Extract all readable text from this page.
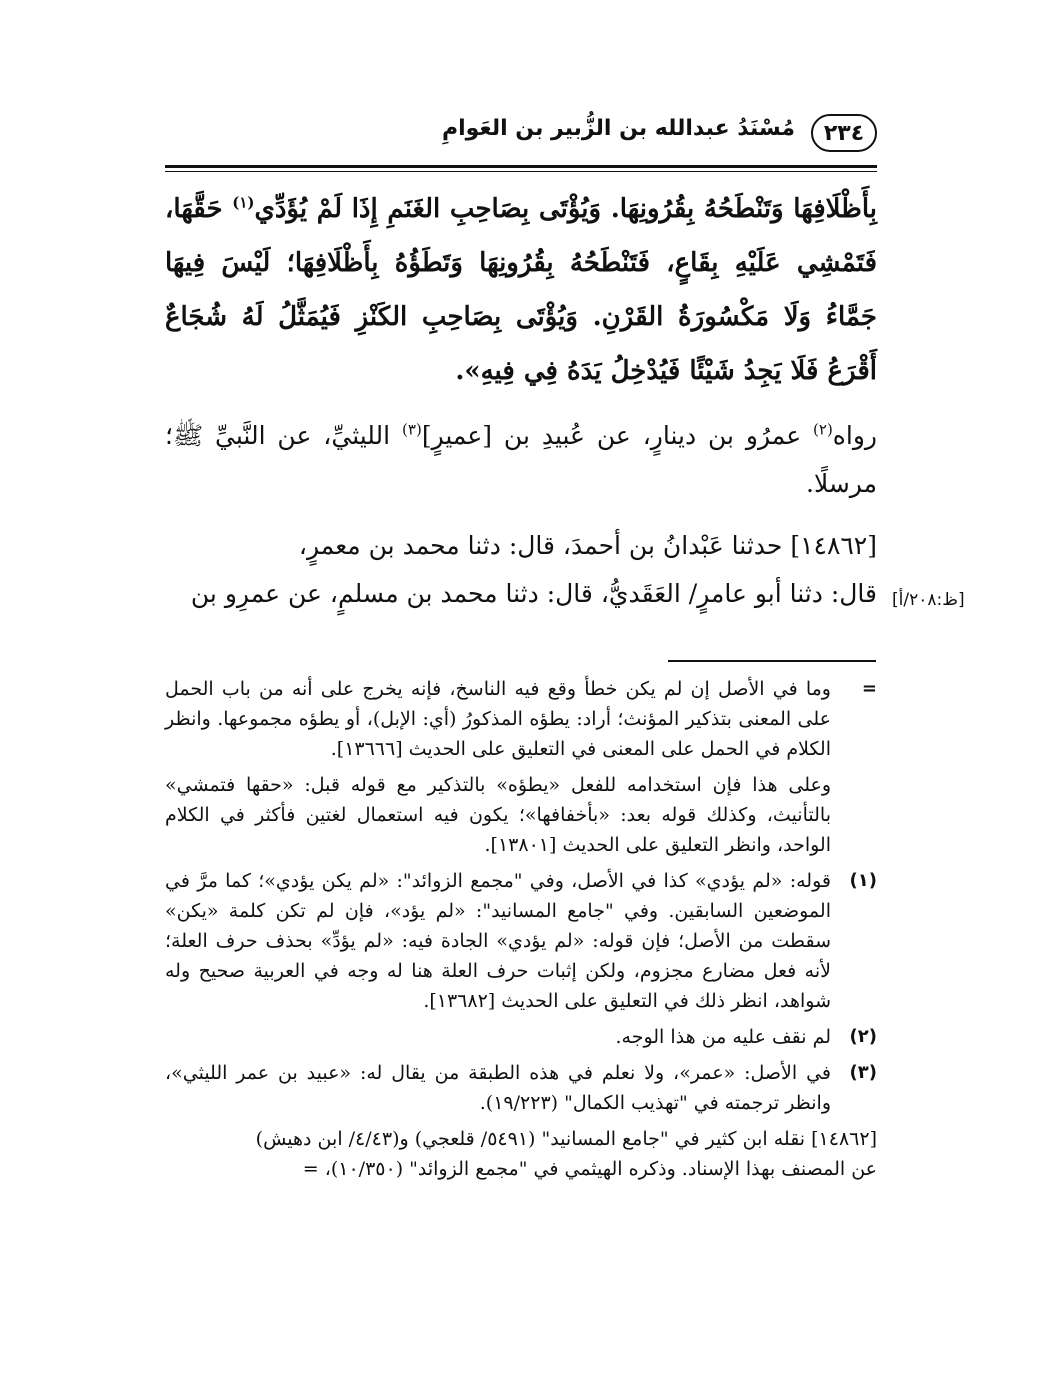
٢٣٤
مُسْنَدُ عبدالله بن الزُّبير بن العَوامِ

بِأَظْلَافِهَا وَتَنْطَحُهُ بِقُرُونِهَا. وَيُؤْتَى بِصَاحِبِ الغَنَمِ إِذَا لَمْ يُؤَدِّي$^{(١)}$ حَقَّهَا، فَتَمْشِي عَلَيْهِ بِقَاعٍ، فَتَنْطَحُهُ بِقُرُونِهَا وَتَطَؤُهُ بِأَظْلَافِهَا؛ لَيْسَ فِيهَا جَمَّاءُ وَلَا مَكْسُورَةُ القَرْنِ. وَيُؤْتَى بِصَاحِبِ الكَنْزِ فَيُمَثَّلُ لَهُ شُجَاعٌ أَقْرَعُ فَلَا يَجِدُ شَيْئًا فَيُدْخِلُ يَدَهُ فِي فِيهِ».

رواه$^{(٢)}$ عمرُو بن دينارٍ، عن عُبيدِ بن [عميرٍ]$^{(٣)}$ الليثيِّ، عن النَّبيِّ ﷺ؛ مرسلًا.

[١٤٨٦٢] حدثنا عَبْدانُ بن أحمدَ، قال: دثنا محمد بن معمرٍ،
قال: دثنا أبو عامرٍ/ العَقَديُّ، قال: دثنا محمد بن مسلمٍ، عن عمرِو بن [ظ:٢٠٨/أ]
=
وما في الأصل إن لم يكن خطأ وقع فيه الناسخ، فإنه يخرج على أنه من باب الحمل على المعنى بتذكير المؤنث؛ أراد: يطؤه المذكورُ (أي: الإبل)، أو يطؤه مجموعها. وانظر الكلام في الحمل على المعنى في التعليق على الحديث [١٣٦٦٦].
وعلى هذا فإن استخدامه للفعل «يطؤه» بالتذكير مع قوله قبل: «حقها فتمشي» بالتأنيث، وكذلك قوله بعد: «بأخفافها»؛ يكون فيه استعمال لغتين فأكثر في الكلام الواحد، وانظر التعليق على الحديث [١٣٨٠١].
(١)
قوله: «لم يؤدي» كذا في الأصل، وفي "مجمع الزوائد": «لم يكن يؤدي»؛ كما مرَّ في الموضعين السابقين. وفي "جامع المسانيد": «لم يؤد»، فإن لم تكن كلمة «يكن» سقطت من الأصل؛ فإن قوله: «لم يؤدي» الجادة فيه: «لم يؤدِّ» بحذف حرف العلة؛ لأنه فعل مضارع مجزوم، ولكن إثبات حرف العلة هنا له وجه في العربية صحيح وله شواهد، انظر ذلك في التعليق على الحديث [١٣٦٨٢].
(٢)
لم نقف عليه من هذا الوجه.
(٣)
في الأصل: «عمر»، ولا نعلم في هذه الطبقة من يقال له: «عبيد بن عمر الليثي»، وانظر ترجمته في "تهذيب الكمال" (١٩/٢٢٣).

[١٤٨٦٢] نقله ابن كثير في "جامع المسانيد" (٥٤٩١/ قلعجي) و(٤/٤٣/ ابن دهيش)
عن المصنف بهذا الإسناد. وذكره الهيثمي في "مجمع الزوائد" (١٠/٣٥٠)، =
